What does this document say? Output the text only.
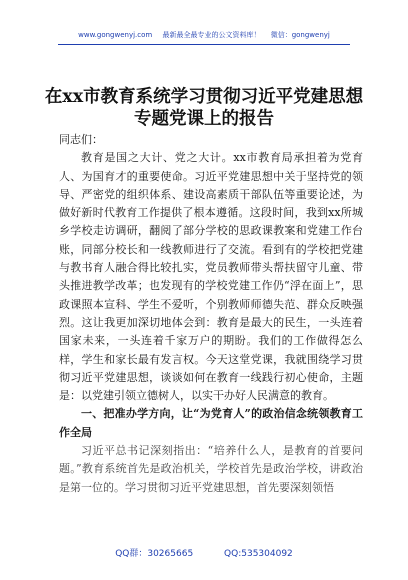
www.gongwenyj.com 最新最全最专业的公文资料库！ 微信：gongwenyj
在xx市教育系统学习贯彻习近平党建思想
专题党课上的报告

同志们：

教育是国之大计、党之大计。xx市教育局承担着为党育人、为国育才的重要使命。习近平党建思想中关于坚持党的领导、严密党的组织体系、建设高素质干部队伍等重要论述，为做好新时代教育工作提供了根本遵循。这段时间，我到xx所城乡学校走访调研，翻阅了部分学校的思政课教案和党建工作台账，同部分校长和一线教师进行了交流。看到有的学校把党建与教书育人融合得比较扎实，党员教师带头帮扶留守儿童、带头推进教学改革；也发现有的学校党建工作仍“浮在面上”，思政课照本宣科、学生不爱听，个别教师师德失范、群众反映强烈。这让我更加深切地体会到：教育是最大的民生，一头连着国家未来，一头连着千家万户的期盼。我们的工作做得怎么样，学生和家长最有发言权。今天这堂党课，我就围绕学习贯彻习近平党建思想，谈谈如何在教育一线践行初心使命，主题是：以党建引领立德树人，以实干办好人民满意的教育。

一、把准办学方向，让“为党育人”的政治信念统领教育工作全局

习近平总书记深刻指出：“培养什么人，是教育的首要问题。”教育系统首先是政治机关，学校首先是政治学校，讲政治是第一位的。学习贯彻习近平党建思想，首先要深刻领悟

QQ群：30265665	QQ:535304092
